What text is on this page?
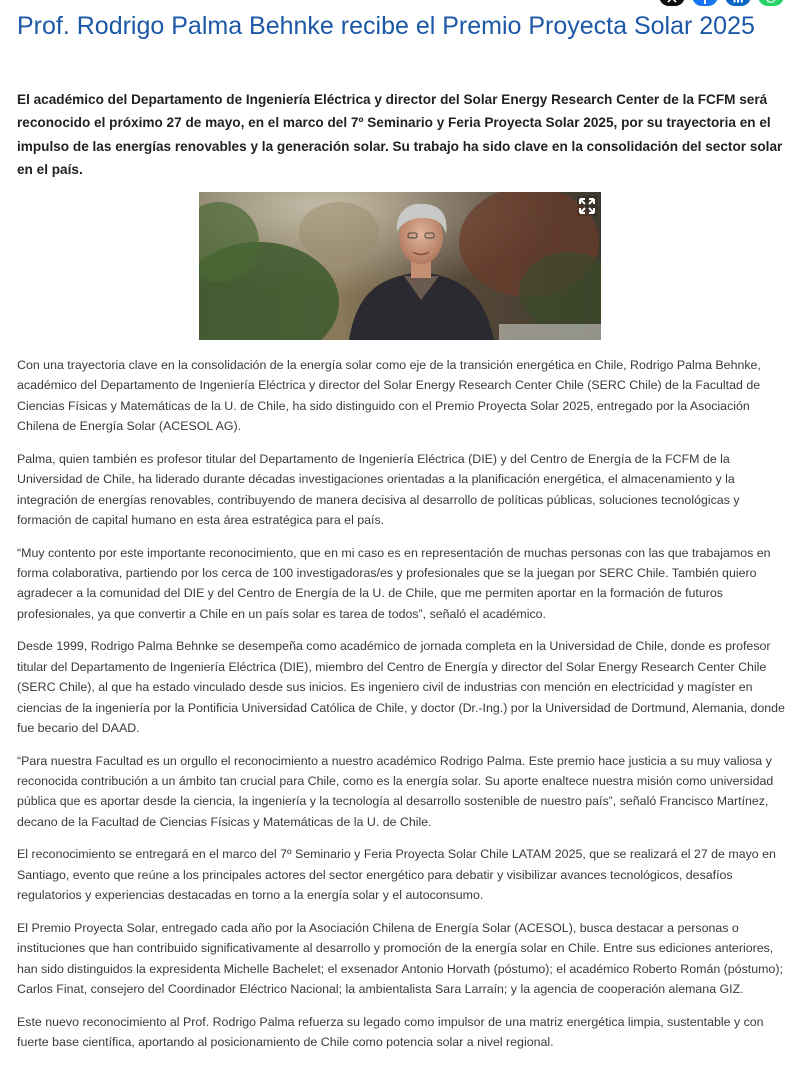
Prof. Rodrigo Palma Behnke recibe el Premio Proyecta Solar 2025

El académico del Departamento de Ingeniería Eléctrica y director del Solar Energy Research Center de la FCFM será reconocido el próximo 27 de mayo, en el marco del 7º Seminario y Feria Proyecta Solar 2025, por su trayectoria en el impulso de las energías renovables y la generación solar. Su trabajo ha sido clave en la consolidación del sector solar en el país.

Con una trayectoria clave en la consolidación de la energía solar como eje de la transición energética en Chile, Rodrigo Palma Behnke, académico del Departamento de Ingeniería Eléctrica y director del Solar Energy Research Center Chile (SERC Chile) de la Facultad de Ciencias Físicas y Matemáticas de la U. de Chile, ha sido distinguido con el Premio Proyecta Solar 2025, entregado por la Asociación Chilena de Energía Solar (ACESOL AG).

Palma, quien también es profesor titular del Departamento de Ingeniería Eléctrica (DIE) y del Centro de Energía de la FCFM de la Universidad de Chile, ha liderado durante décadas investigaciones orientadas a la planificación energética, el almacenamiento y la integración de energías renovables, contribuyendo de manera decisiva al desarrollo de políticas públicas, soluciones tecnológicas y formación de capital humano en esta área estratégica para el país.

“Muy contento por este importante reconocimiento, que en mi caso es en representación de muchas personas con las que trabajamos en forma colaborativa, partiendo por los cerca de 100 investigadoras/es y profesionales que se la juegan por SERC Chile. También quiero agradecer a la comunidad del DIE y del Centro de Energía de la U. de Chile, que me permiten aportar en la formación de futuros profesionales, ya que convertir a Chile en un país solar es tarea de todos”, señaló el académico.

Desde 1999, Rodrigo Palma Behnke se desempeña como académico de jornada completa en la Universidad de Chile, donde es profesor titular del Departamento de Ingeniería Eléctrica (DIE), miembro del Centro de Energía y director del Solar Energy Research Center Chile (SERC Chile), al que ha estado vinculado desde sus inicios. Es ingeniero civil de industrias con mención en electricidad y magíster en ciencias de la ingeniería por la Pontificia Universidad Católica de Chile, y doctor (Dr.-Ing.) por la Universidad de Dortmund, Alemania, donde fue becario del DAAD.

“Para nuestra Facultad es un orgullo el reconocimiento a nuestro académico Rodrigo Palma. Este premio hace justicia a su muy valiosa y reconocida contribución a un ámbito tan crucial para Chile, como es la energía solar. Su aporte enaltece nuestra misión como universidad pública que es aportar desde la ciencia, la ingeniería y la tecnología al desarrollo sostenible de nuestro país”, señaló Francisco Martínez, decano de la Facultad de Ciencias Físicas y Matemáticas de la U. de Chile.

El reconocimiento se entregará en el marco del 7º Seminario y Feria Proyecta Solar Chile LATAM 2025, que se realizará el 27 de mayo en Santiago, evento que reúne a los principales actores del sector energético para debatir y visibilizar avances tecnológicos, desafíos regulatorios y experiencias destacadas en torno a la energía solar y el autoconsumo.

El Premio Proyecta Solar, entregado cada año por la Asociación Chilena de Energía Solar (ACESOL), busca destacar a personas o instituciones que han contribuido significativamente al desarrollo y promoción de la energía solar en Chile. Entre sus ediciones anteriores, han sido distinguidos la expresidenta Michelle Bachelet; el exsenador Antonio Horvath (póstumo); el académico Roberto Román (póstumo); Carlos Finat, consejero del Coordinador Eléctrico Nacional; la ambientalista Sara Larraín; y la agencia de cooperación alemana GIZ.

Este nuevo reconocimiento al Prof. Rodrigo Palma refuerza su legado como impulsor de una matriz energética limpia, sustentable y con fuerte base científica, aportando al posicionamiento de Chile como potencia solar a nivel regional.
